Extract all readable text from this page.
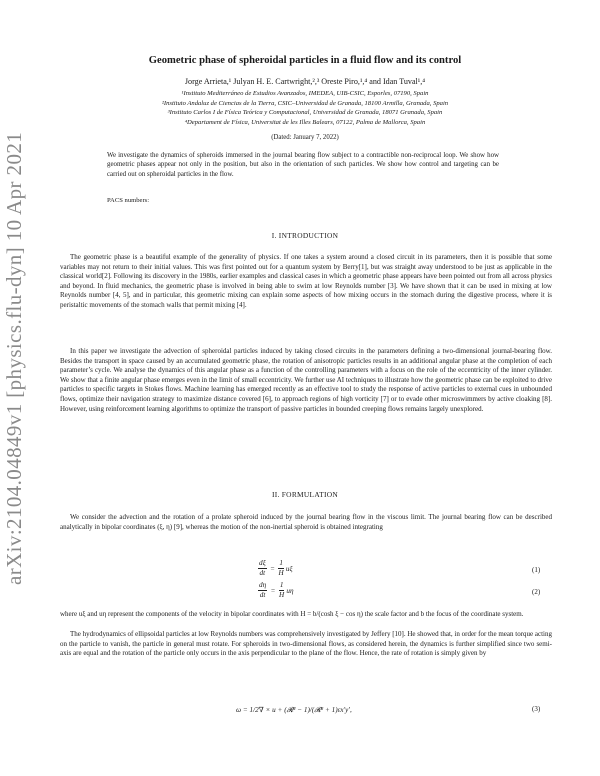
arXiv:2104.04849v1 [physics.flu-dyn] 10 Apr 2021
Geometric phase of spheroidal particles in a fluid flow and its control
Jorge Arrieta,¹ Julyan H. E. Cartwright,²,³ Oreste Piro,¹,⁴ and Idan Tuval¹,⁴
¹Instituto Mediterráneo de Estudios Avanzados, IMEDEA, UIB-CSIC, Esporles, 07190, Spain
²Instituto Andaluz de Ciencias de la Tierra, CSIC–Universidad de Granada, 18100 Armilla, Granada, Spain
³Instituto Carlos I de Física Teórica y Computacional, Universidad de Granada, 18071 Granada, Spain
⁴Departament de Física, Universitat de les Illes Balears, 07122, Palma de Mallorca, Spain
(Dated: January 7, 2022)
We investigate the dynamics of spheroids immersed in the journal bearing flow subject to a contractible non-reciprocal loop. We show how geometric phases appear not only in the position, but also in the orientation of such particles. We show how control and targeting can be carried out on spheroidal particles in the flow.
PACS numbers:
I. INTRODUCTION
The geometric phase is a beautiful example of the generality of physics. If one takes a system around a closed circuit in its parameters, then it is possible that some variables may not return to their initial values. This was first pointed out for a quantum system by Berry[1], but was straight away understood to be just as applicable in the classical world[2]. Following its discovery in the 1980s, earlier examples and classical cases in which a geometric phase appears have been pointed out from all across physics and beyond. In fluid mechanics, the geometric phase is involved in being able to swim at low Reynolds number [3]. We have shown that it can be used in mixing at low Reynolds number [4, 5], and in particular, this geometric mixing can explain some aspects of how mixing occurs in the stomach during the digestive process, where it is peristaltic movements of the stomach walls that permit mixing [4].
In this paper we investigate the advection of spheroidal particles induced by taking closed circuits in the parameters defining a two-dimensional journal-bearing flow. Besides the transport in space caused by an accumulated geometric phase, the rotation of anisotropic particles results in an additional angular phase at the completion of each parameter’s cycle. We analyse the dynamics of this angular phase as a function of the controlling parameters with a focus on the role of the eccentricity of the inner cylinder. We show that a finite angular phase emerges even in the limit of small eccentricity. We further use AI techniques to illustrate how the geometric phase can be exploited to drive particles to specific targets in Stokes flows. Machine learning has emerged recently as an effective tool to study the response of active particles to external cues in unbounded flows, optimize their navigation strategy to maximize distance covered [6], to approach regions of high vorticity [7] or to evade other microswimmers by active cloaking [8]. However, using reinforcement learning algorithms to optimize the transport of passive particles in bounded creeping flows remains largely unexplored.
II. FORMULATION
We consider the advection and the rotation of a prolate spheroid induced by the journal bearing flow in the viscous limit. The journal bearing flow can be described analytically in bipolar coordinates (ξ, η) [9], whereas the motion of the non-inertial spheroid is obtained integrating
$\frac{d\xi}{dt} = \frac{1}{H}$ uξ	(1)
$\frac{d\eta}{dt} = \frac{1}{H}$ uη	(2)
where uξ and uη represent the components of the velocity in bipolar coordinates with H = b/(cosh ξ − cos η) the scale factor and b the focus of the coordinate system.
The hydrodynamics of ellipsoidal particles at low Reynolds numbers was comprehensively investigated by Jeffery [10]. He showed that, in order for the mean torque acting on the particle to vanish, the particle in general must rotate. For spheroids in two-dimensional flows, as considered herein, the dynamics is further simplified since two semi-axis are equal and the rotation of the particle only occurs in the axis perpendicular to the plane of the flow. Hence, the rate of rotation is simply given by
ω = 1/2∇ × u + (𝓡² − 1)/(𝓡² + 1)εx′y′,	(3)
